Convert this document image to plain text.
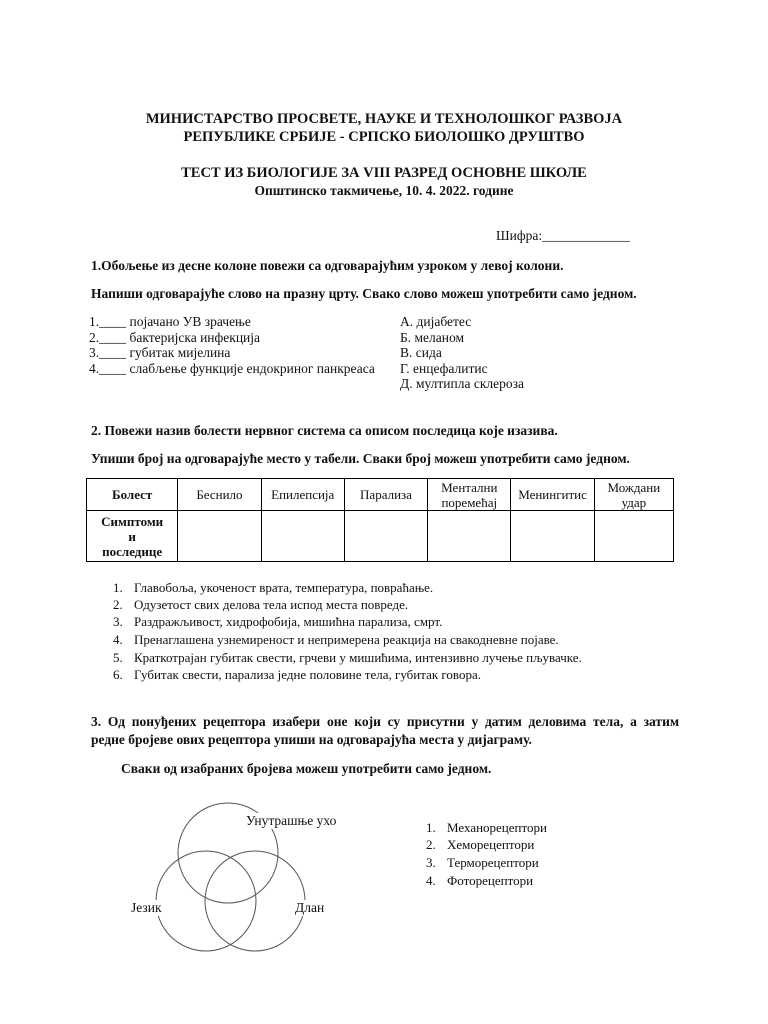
МИНИСТАРСТВО ПРОСВЕТЕ, НАУКЕ И ТЕХНОЛОШКОГ РАЗВОЈА
РЕПУБЛИКЕ СРБИЈЕ - СРПСКО БИОЛОШКО ДРУШТВО
ТЕСТ ИЗ БИОЛОГИЈЕ ЗА VIII РАЗРЕД ОСНОВНЕ ШКОЛЕ
Општинско такмичење, 10. 4. 2022. године
Шифра:_____________
1.Обољење из десне колоне повежи са одговарајућим узроком у левој колони.
Напиши одговарајуће слово на празну црту. Свако слово можеш употребити само једном.
1.____ појачано УВ зрачење
2.____ бактеријска инфекција
3.____ губитак мијелина
4.____ слабљење функције ендокриног панкреаса
А. дијабетес
Б. меланом
В. сида
Г. енцефалитис
Д. мултипла склероза
2. Повежи назив болести нервног система са описом последица које изазива.
Упиши број на одговарајуће место у табели. Сваки број можеш употребити само једном.
Болест	Беснило	Епилепсија	Парализа	Ментални
поремећај	Менингитис	Мождани
удар
Симптоми
и
последице						
1. Главобоља, укоченост врата, температура, повраћање.
2. Одузетост свих делова тела испод места повреде.
3. Раздражљивост, хидрофобија, мишићна парализа, смрт.
4. Пренаглашена узнемиреност и непримерена реакција на свакодневне појаве.
5. Краткотрајан губитак свести, грчеви у мишићима, интензивно лучење пљувачке.
6. Губитак свести, парализа једне половине тела, губитак говора.
3.  Од  понуђених  рецептора  изабери  оне  који  су  присутни  у  датим  деловима  тела,  а  затим
редне бројеве ових рецептора упиши на одговарајућа места у дијаграму.
Сваки од изабраних бројева можеш употребити само једном.
Унутрашње ухо
Језик	Длан
1. Механорецептори
2. Хеморецептори
3. Терморецептори
4. Фоторецептори
